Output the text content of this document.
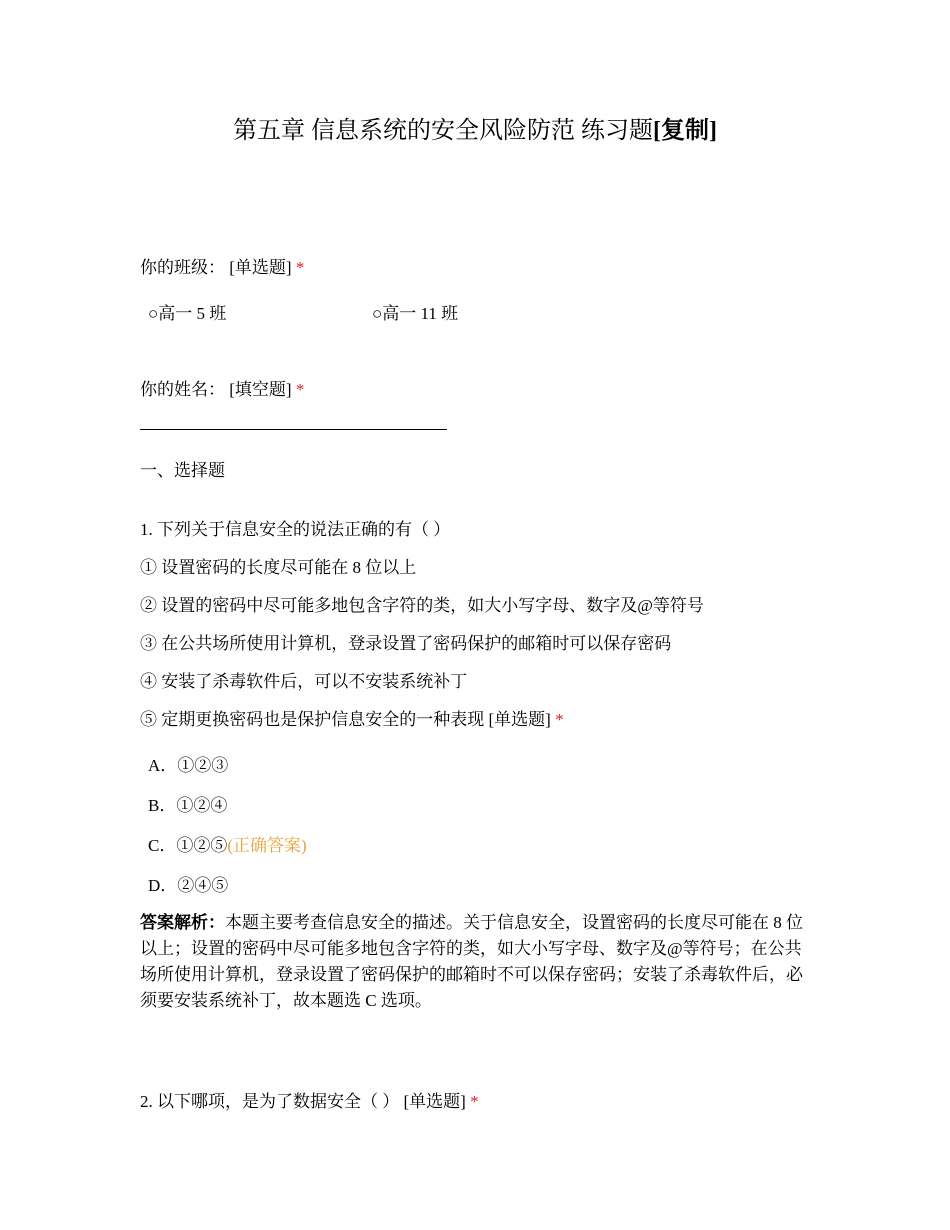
第五章 信息系统的安全风险防范 练习题[复制]
你的班级： [单选题] *
○高一 5 班	○高一 11 班
你的姓名： [填空题] *
一、选择题
1. 下列关于信息安全的说法正确的有（ ）
① 设置密码的长度尽可能在 8 位以上
② 设置的密码中尽可能多地包含字符的类，如大小写字母、数字及@等符号
③ 在公共场所使用计算机，登录设置了密码保护的邮箱时可以保存密码
④ 安装了杀毒软件后，可以不安装系统补丁
⑤ 定期更换密码也是保护信息安全的一种表现 [单选题] *
A．①②③
B．①②④
C．①②⑤(正确答案)
D．②④⑤
答案解析：本题主要考查信息安全的描述。关于信息安全，设置密码的长度尽可能在 8 位以上；设置的密码中尽可能多地包含字符的类，如大小写字母、数字及@等符号；在公共场所使用计算机，登录设置了密码保护的邮箱时不可以保存密码；安装了杀毒软件后，必须要安装系统补丁，故本题选 C 选项。
2. 以下哪项，是为了数据安全（ ） [单选题] *
